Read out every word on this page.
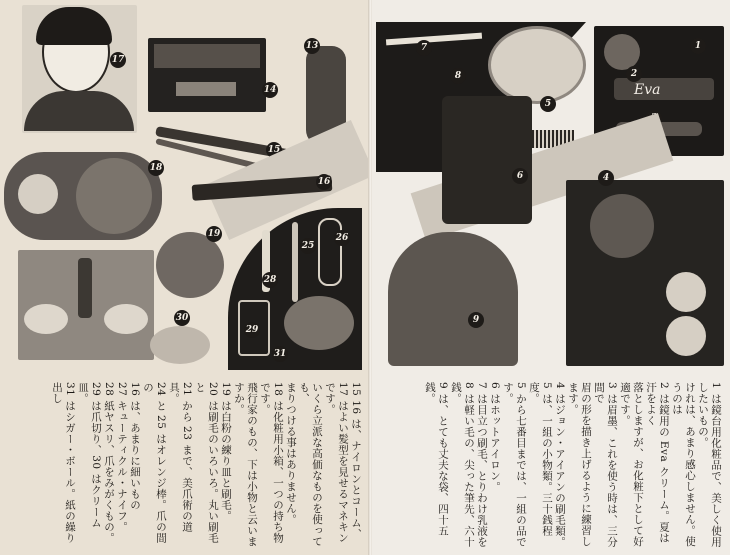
17
14
13
15
16
18
19
30
25
26
28
29
31
15 16 は、ナイロンとコーム、
17 はよい髪型を見せるマネキンです。
いくら立派な高価なものを使っても、
まりつける事はありません。
18 は化粧用小箱、一つの持ち物です。
飛行家のもの、下は小物と云いますか。
19 は白粉の練り皿と刷毛。
20 は刷毛のいろいろ。丸い刷毛と
21 から 23 まで、美爪術の道具。
24 と 25 はオレンジ棒。爪の間の
16 は、あまりに細いもの
27 キューティクル・ナイフ。
28 紙ヤスリ、爪をみがくもの。
29 は爪切り、30 はクリーム皿。
31 はシガー・ボール。紙の繰り出し
7
8
5
Eva
1
2
6	4
9
1 は鏡台用化粧品で、美しく使用したいもの。
けれは、あまり感心しません。使うのは
2 は鏡用の Eva クリーム。夏は汗をよく
落としますが、お化粧下として好適です。
3 は眉墨、これを使う時は、三分間で
眉の形を描き上げるように練習します。
4 はジョン・アイアンの刷毛類。
5 は、一組の小物類。三十銭程度。
5 から七番目までは、一組の品です。
6 はホットアイロン。
7 は目立つ刷毛、とりわけ乳液を
8 は軽い毛の、尖った筆先、六十銭。
9 は、とても丈夫な袋、四十五銭。
